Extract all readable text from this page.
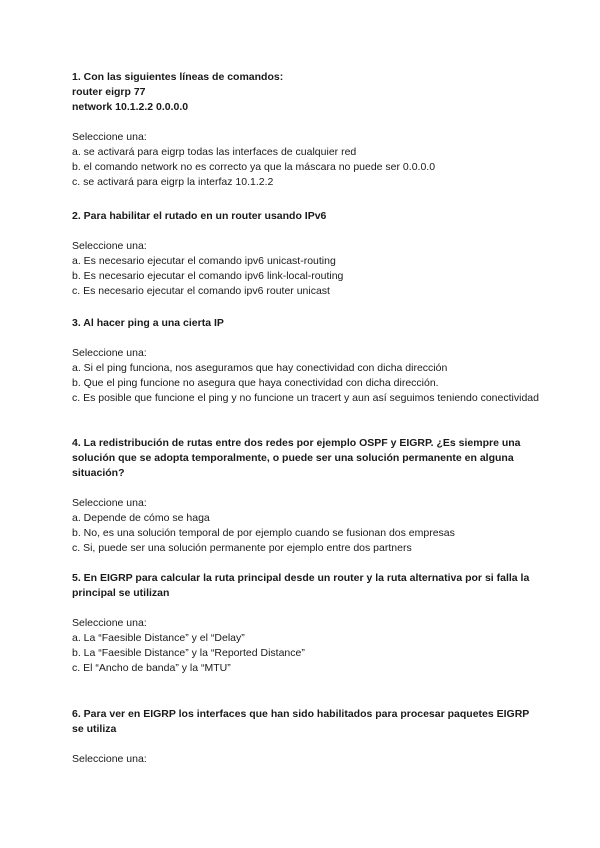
1. Con las siguientes líneas de comandos:
router eigrp 77
network 10.1.2.2 0.0.0.0
Seleccione una:
a. se activará para eigrp todas las interfaces de cualquier red
b. el comando network no es correcto ya que la máscara no puede ser 0.0.0.0
c. se activará para eigrp la interfaz 10.1.2.2
2. Para habilitar el rutado en un router usando IPv6
Seleccione una:
a. Es necesario ejecutar el comando ipv6 unicast-routing
b. Es necesario ejecutar el comando ipv6 link-local-routing
c. Es necesario ejecutar el comando ipv6 router unicast
3. Al hacer ping a una cierta IP
Seleccione una:
a. Si el ping funciona, nos aseguramos que hay conectividad con dicha dirección
b. Que el ping funcione no asegura que haya conectividad con dicha dirección.
c. Es posible que funcione el ping y no funcione un tracert y aun así seguimos teniendo conectividad
4. La redistribución de rutas entre dos redes por ejemplo OSPF y EIGRP. ¿Es siempre una solución que se adopta temporalmente, o puede ser una solución permanente en alguna situación?
Seleccione una:
a. Depende de cómo se haga
b. No, es una solución temporal de por ejemplo cuando se fusionan dos empresas
c. Si, puede ser una solución permanente por ejemplo entre dos partners
5. En EIGRP para calcular la ruta principal desde un router y la ruta alternativa por si falla la principal se utilizan
Seleccione una:
a. La “Faesible Distance” y el “Delay”
b. La “Faesible Distance” y la “Reported Distance”
c. El “Ancho de banda” y la “MTU”
6. Para ver en EIGRP los interfaces que han sido habilitados para procesar paquetes EIGRP se utiliza
Seleccione una:
